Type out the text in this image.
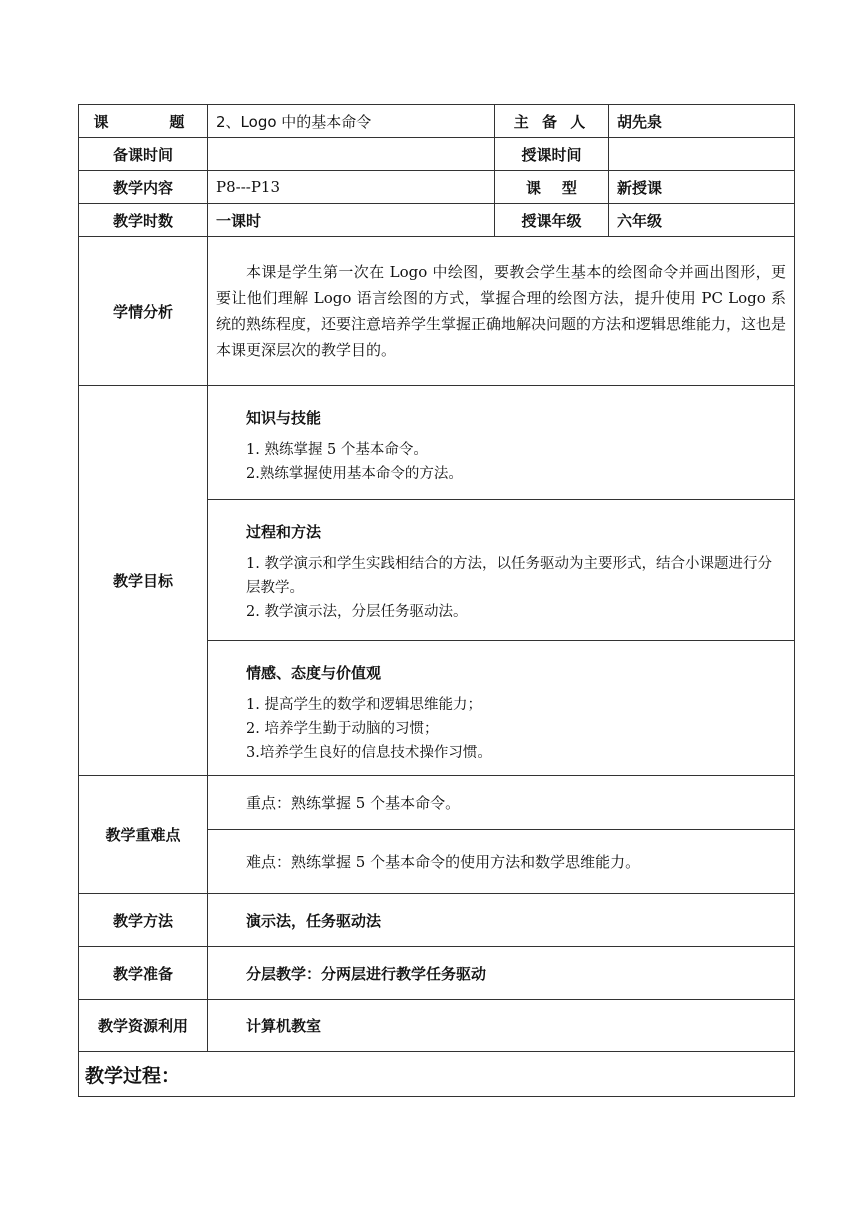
课    题	2、Logo 中的基本命令	主 备 人	胡先泉
备课时间		授课时间	
教学内容	P8---P13	课    型	新授课
教学时数	一课时	授课年级	六年级
学情分析	本课是学生第一次在 Logo 中绘图，要教会学生基本的绘图命令并画出图形，更要让他们理解 Logo 语言绘图的方式，掌握合理的绘图方法，提升使用 PC Logo 系统的熟练程度，还要注意培养学生掌握正确地解决问题的方法和逻辑思维能力，这也是本课更深层次的教学目的。		

教学目标	知识与技能
1. 熟练掌握 5 个基本命令。
2.熟练掌握使用基本命令的方法。		

	过程和方法
1. 教学演示和学生实践相结合的方法，以任务驱动为主要形式，结合小课题进行分层教学。
2. 教学演示法，分层任务驱动法。		

	情感、态度与价值观
1. 提高学生的数学和逻辑思维能力；
2. 培养学生勤于动脑的习惯；
3.培养学生良好的信息技术操作习惯。		

教学重难点	重点：熟练掌握 5 个基本命令。		
	难点：熟练掌握 5 个基本命令的使用方法和数学思维能力。		
教学方法	演示法，任务驱动法		
教学准备	分层教学：分两层进行教学任务驱动		
教学资源利用	计算机教室		
教学过程：			
